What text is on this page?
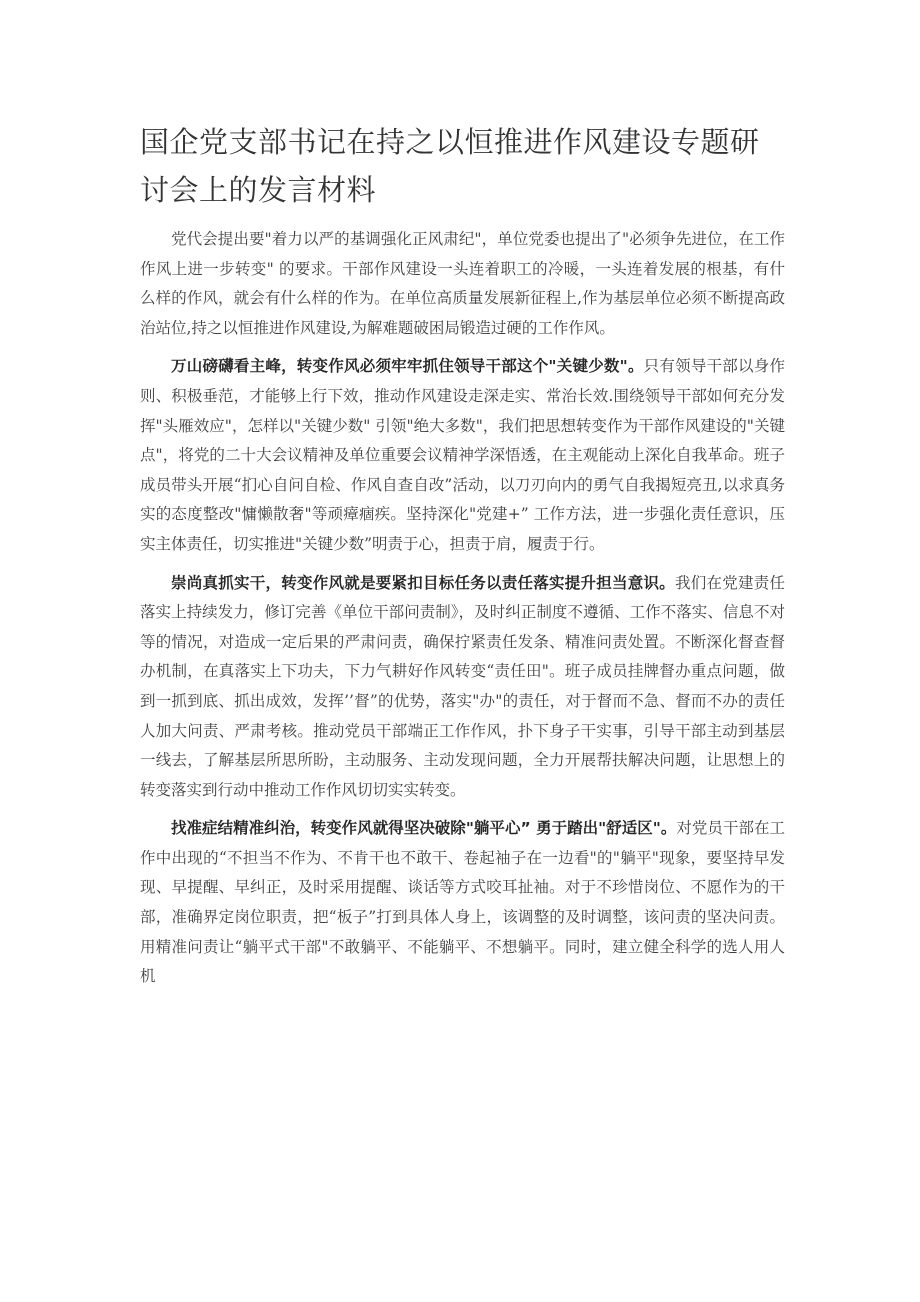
国企党支部书记在持之以恒推进作风建设专题研讨会上的发言材料

党代会提出要"着力以严的基调强化正风肃纪"，单位党委也提出了"必须争先进位，在工作作风上进一步转变" 的要求。干部作风建设一头连着职工的冷暖，一头连着发展的根基，有什么样的作风，就会有什么样的作为。在单位高质量发展新征程上,作为基层单位必须不断提高政治站位,持之以恒推进作风建设,为解难题破困局锻造过硬的工作作风。

万山磅礴看主峰，转变作风必须牢牢抓住领导干部这个"关键少数"。只有领导干部以身作则、积极垂范，才能够上行下效，推动作风建设走深走实、常治长效.围绕领导干部如何充分发挥"头雁效应"，怎样以"关键少数" 引领"绝大多数"，我们把思想转变作为干部作风建设的"关键点"，将党的二十大会议精神及单位重要会议精神学深悟透，在主观能动上深化自我革命。班子成员带头开展“扪心自问自检、作风自查自改”活动，以刀刃向内的勇气自我揭短亮丑,以求真务实的态度整改"慵懒散奢"等顽瘴痼疾。坚持深化"党建+” 工作方法，进一步强化责任意识，压实主体责任，切实推进"关键少数”明责于心，担责于肩，履责于行。

崇尚真抓实干，转变作风就是要紧扣目标任务以责任落实提升担当意识。我们在党建责任落实上持续发力，修订完善《单位干部问责制》，及时纠正制度不遵循、工作不落实、信息不对等的情况，对造成一定后果的严肃问责，确保拧紧责任发条、精准问责处置。不断深化督查督办机制，在真落实上下功夫，下力气耕好作风转变“责任田"。班子成员挂牌督办重点问题，做到一抓到底、抓出成效，发挥’’督”的优势，落实"办"的责任，对于督而不急、督而不办的责任人加大问责、严肃考核。推动党员干部端正工作作风，扑下身子干实事，引导干部主动到基层一线去，了解基层所思所盼，主动服务、主动发现问题，全力开展帮扶解决问题，让思想上的转变落实到行动中推动工作作风切切实实转变。

找准症结精准纠治，转变作风就得坚决破除"躺平心” 勇于踏出"舒适区"。对党员干部在工作中出现的“不担当不作为、不肯干也不敢干、卷起袖子在一边看"的"躺平"现象，要坚持早发现、早提醒、早纠正，及时采用提醒、谈话等方式咬耳扯袖。对于不珍惜岗位、不愿作为的干部，准确界定岗位职责，把“板子”打到具体人身上，该调整的及时调整，该问责的坚决问责。用精准问责让“躺平式干部"不敢躺平、不能躺平、不想躺平。同时，建立健全科学的选人用人机
